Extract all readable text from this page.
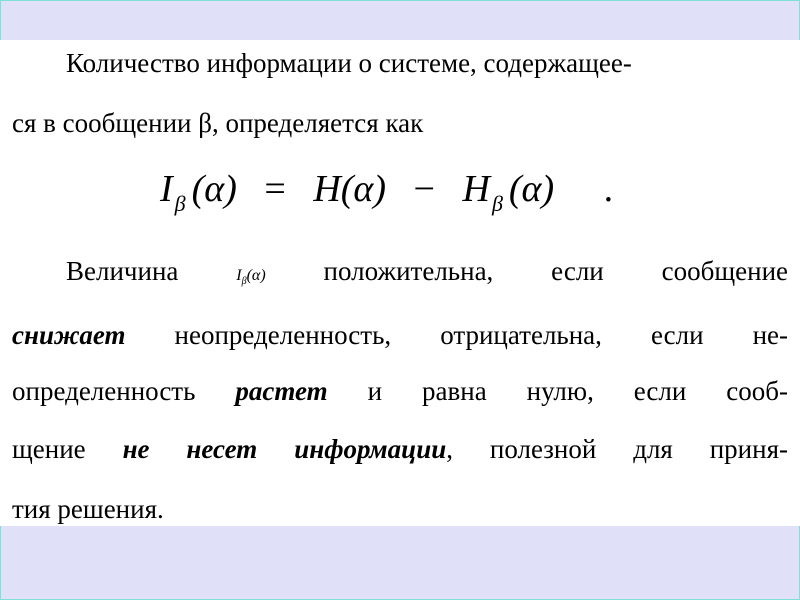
Количество информации о системе, содержащее-
ся в сообщении β, определяется как
$I_\beta$ $(\alpha) = H(\alpha) - H_\beta$ (α) .
Величина	$I_\beta(\alpha)$ положительна, если сообщение
снижает неопределенность, отрицательна, если не-
определенность растет и равна нулю, если сооб-
щение не несет информации, полезной для приня-
тия решения.
